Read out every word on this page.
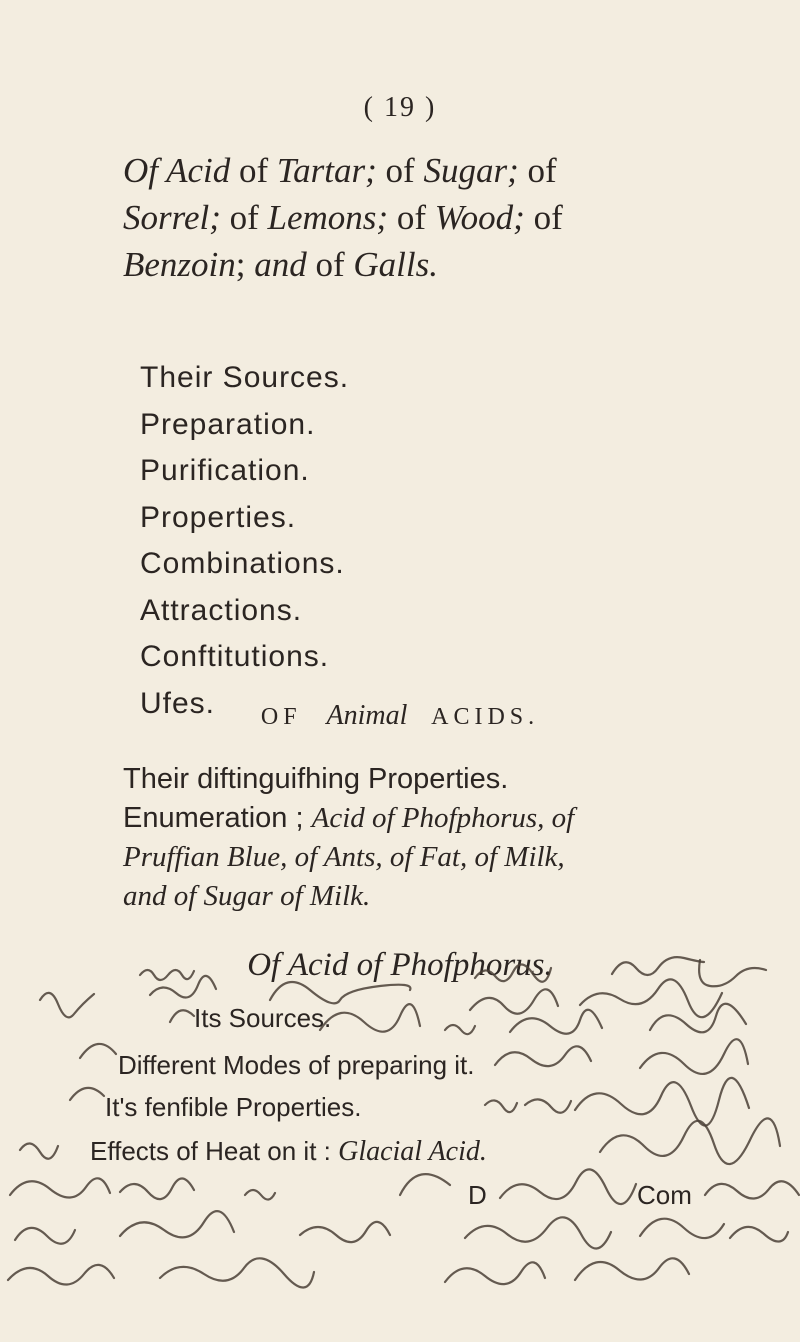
( 19 )
Of Acid of Tartar; of Sugar; of
Sorrel; of Lemons; of Wood; of
Benzoin; and of Galls.
Their Sources.
Preparation.
Purification.
Properties.
Combinations.
Attractions.
Conftitutions.
Ufes.	OF Animal ACIDS.
Their diftinguifhing Properties.
Enumeration ; Acid of Phofphorus, of
Pruffian Blue, of Ants, of Fat, of Milk,
and of Sugar of Milk.
Of Acid of Phofphorus.
Its Sources.
Different Modes of preparing it.
It's fenfible Properties.
Effects of Heat on it : Glacial Acid.
D	Com
